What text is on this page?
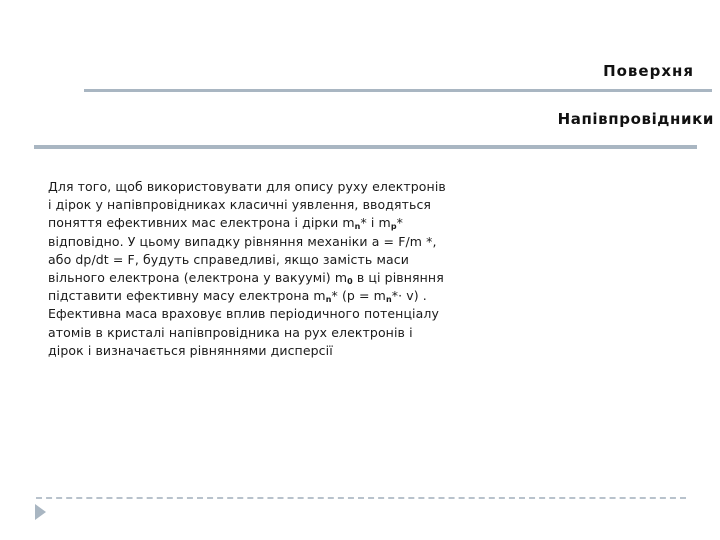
Поверхня
Напівпровідники
Для того, щоб використовувати для опису руху електронів і дірок у напівпровідниках класичні уявлення, вводяться поняття ефективних мас електрона і дірки $m_n*$ і $m_p*$ відповідно. У цьому випадку рівняння механіки a = F/m *, або dp/dt = F, будуть справедливі, якщо замість маси вільного електрона (електрона у вакуумі) $m_0$ в ці рівняння підставити ефективну масу електрона $m_n*$ $(p = m_n*\cdot v)$ . Ефективна маса враховує вплив періодичного потенціалу атомів в кристалі напівпровідника на рух електронів і дірок і визначається рівняннями дисперсії
